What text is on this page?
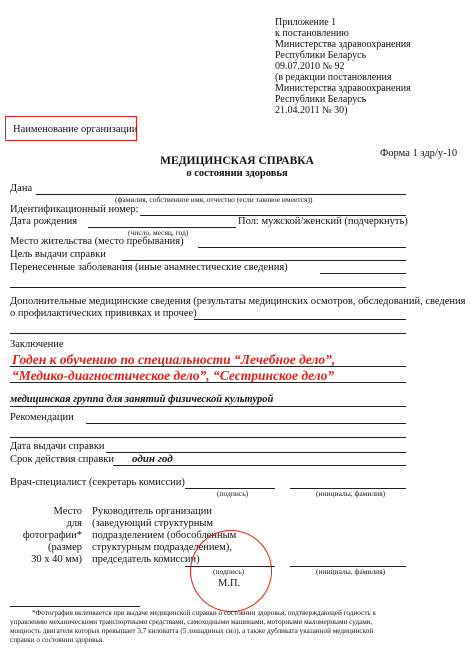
Приложение 1
к постановлению
Министерства здравоохранения
Республики Беларусь
09.07.2010 № 92
(в редакции постановления
Министерства здравоохранения
Республики Беларусь
21.04.2011 № 30)
Наименование организации
Форма 1 здр/у-10
МЕДИЦИНСКАЯ СПРАВКА
о состоянии здоровья
Дана
(фамилия, собственное имя, отчество (если таковое имеется))
Идентификационный номер:
Дата рождения	Пол: мужской/женский (подчеркнуть)
(число, месяц, год)
Место жительства (место пребывания)
Цель выдачи справки
Перенесенные заболевания (иные анамнестические сведения)
Дополнительные медицинские сведения (результаты медицинских осмотров, обследований, сведения
о профилактических прививках и прочее)
Заключение
Годен к обучению по специальности “Лечебное дело”,
“Медико-диагностическое дело”, “Сестринское дело”
медицинская группа для занятий физической культурой
Рекомендации
Дата выдачи справки
Срок действия справки один год
Врач-специалист (секретарь комиссии)
(подпись)	(инициалы, фамилия)
Место
для
фотографии*
(размер
30 х 40 мм)
Руководитель организации
(заведующий структурным
подразделением (обособленным
структурным подразделением),
председатель комиссии)
(подпись)	(инициалы, фамилия)
М.П.
*Фотография вклеивается при выдаче медицинской справки о состоянии здоровья, подтверждающей годность к
управлению механическими транспортными средствами, самоходными машинами, моторными маломерными судами,
мощность двигателя которых превышает 3,7 киловатта (5 лошадиных сил), а также дубликата указанной медицинской
справки о состоянии здоровья.
